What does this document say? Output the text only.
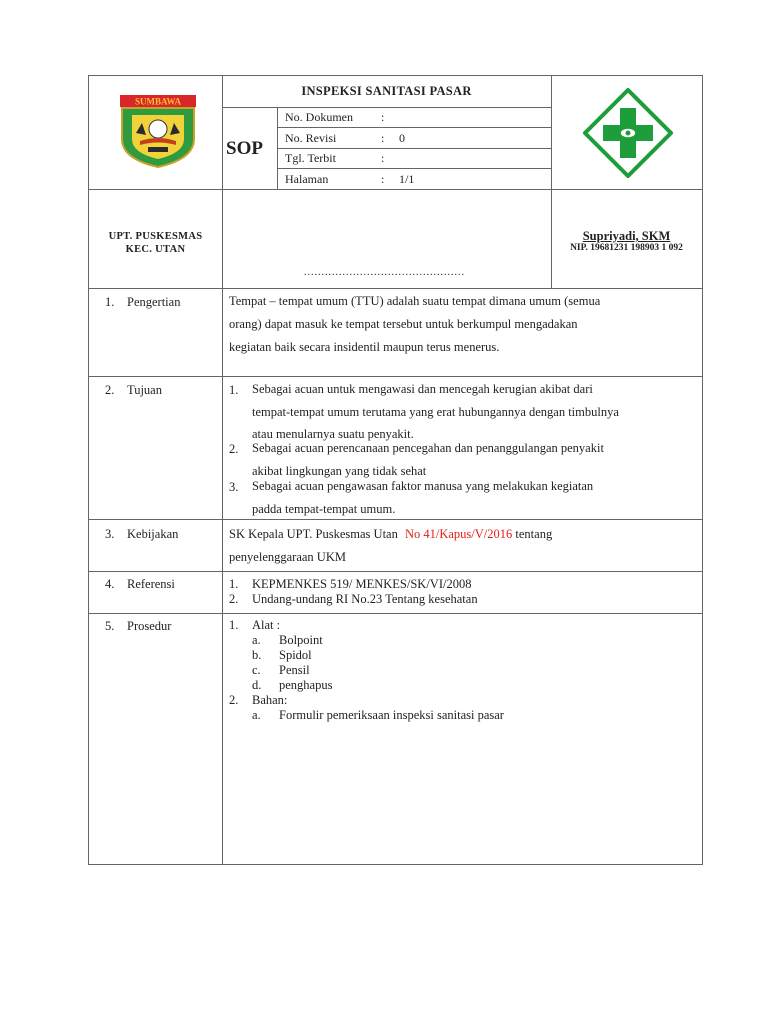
SUMBAWA
INSPEKSI SANITASI PASAR
SOP
No. Dokumen :
No. Revisi	: 0
Tgl. Terbit	:
Halaman	: 1/1
UPT. PUSKESMAS
KEC. UTAN
..............................................
Supriyadi, SKM
NIP. 19681231 198903 1 092
1. Pengertian	Tempat – tempat umum (TTU) adalah suatu tempat dimana umum (semua
orang) dapat masuk ke tempat tersebut untuk berkumpul mengadakan
kegiatan baik secara insidentil maupun terus menerus.
2. Tujuan	1. Sebagai acuan untuk mengawasi dan mencegah kerugian akibat dari
tempat-tempat umum terutama yang erat hubungannya dengan timbulnya
atau menularnya suatu penyakit.
2. Sebagai acuan perencanaan pencegahan dan penanggulangan penyakit
akibat lingkungan yang tidak sehat
3. Sebagai acuan pengawasan faktor manusa yang melakukan kegiatan
padda tempat-tempat umum.
3. Kebijakan	SK Kepala UPT. Puskesmas Utan No 41/Kapus/V/2016 tentang
penyelenggaraan UKM
4. Referensi	1. KEPMENKES 519/ MENKES/SK/VI/2008
2. Undang-undang RI No.23 Tentang kesehatan
5. Prosedur	1. Alat :
a. Bolpoint
b. Spidol
c. Pensil
d. penghapus
2. Bahan:
a. Formulir pemeriksaan inspeksi sanitasi pasar
